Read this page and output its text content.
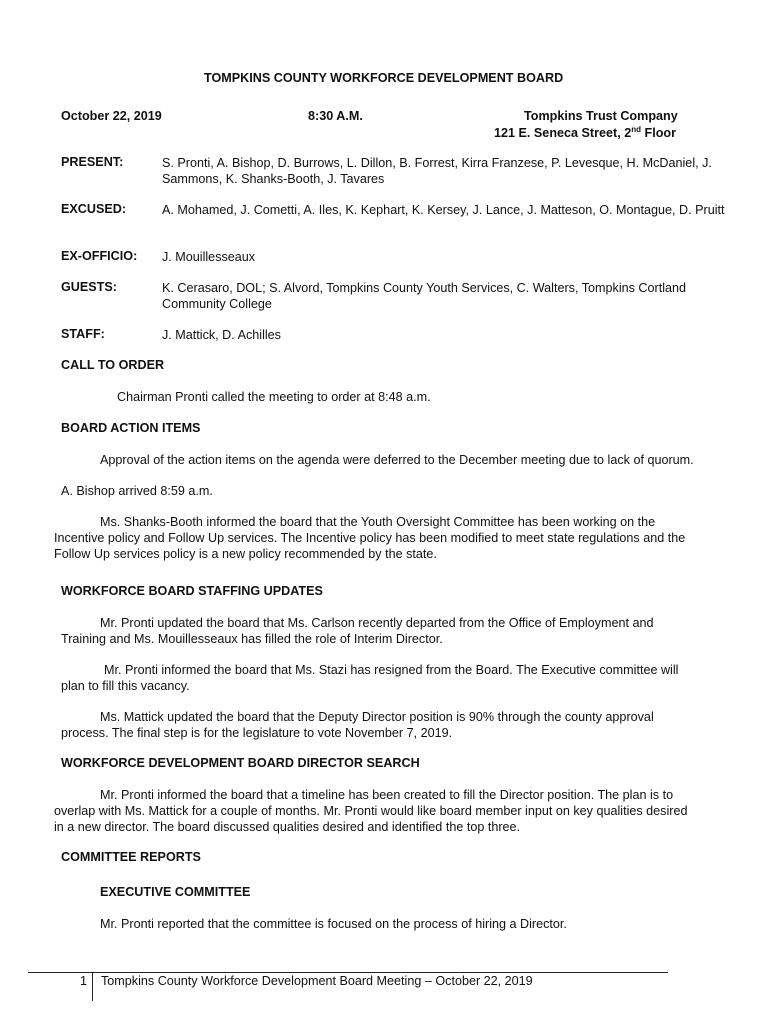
TOMPKINS COUNTY WORKFORCE DEVELOPMENT BOARD
October 22, 2019	8:30 A.M.	Tompkins Trust Company
121 E. Seneca Street, 2nd Floor
PRESENT:	S. Pronti, A. Bishop, D. Burrows, L. Dillon, B. Forrest, Kirra Franzese, P. Levesque, H. McDaniel, J. Sammons, K. Shanks-Booth, J. Tavares
EXCUSED:	A. Mohamed, J. Cometti, A. Iles, K. Kephart, K. Kersey, J. Lance, J. Matteson, O. Montague, D. Pruitt
EX-OFFICIO: J. Mouillesseaux
GUESTS:	K. Cerasaro, DOL; S. Alvord, Tompkins County Youth Services, C. Walters, Tompkins Cortland Community College
STAFF:	J. Mattick, D. Achilles
CALL TO ORDER
Chairman Pronti called the meeting to order at 8:48 a.m.
BOARD ACTION ITEMS
Approval of the action items on the agenda were deferred to the December meeting due to lack of quorum.
A. Bishop arrived 8:59 a.m.
Ms. Shanks-Booth informed the board that the Youth Oversight Committee has been working on the
Incentive policy and Follow Up services. The Incentive policy has been modified to meet state regulations and the
Follow Up services policy is a new policy recommended by the state.
WORKFORCE BOARD STAFFING UPDATES
Mr. Pronti updated the board that Ms. Carlson recently departed from the Office of Employment and
Training and Ms. Mouillesseaux has filled the role of Interim Director.
Mr. Pronti informed the board that Ms. Stazi has resigned from the Board. The Executive committee will
plan to fill this vacancy.
Ms. Mattick updated the board that the Deputy Director position is 90% through the county approval
process. The final step is for the legislature to vote November 7, 2019.
WORKFORCE DEVELOPMENT BOARD DIRECTOR SEARCH
Mr. Pronti informed the board that a timeline has been created to fill the Director position. The plan is to
overlap with Ms. Mattick for a couple of months. Mr. Pronti would like board member input on key qualities desired
in a new director. The board discussed qualities desired and identified the top three.
COMMITTEE REPORTS
EXECUTIVE COMMITTEE
Mr. Pronti reported that the committee is focused on the process of hiring a Director.
1 Tompkins County Workforce Development Board Meeting – October 22, 2019
